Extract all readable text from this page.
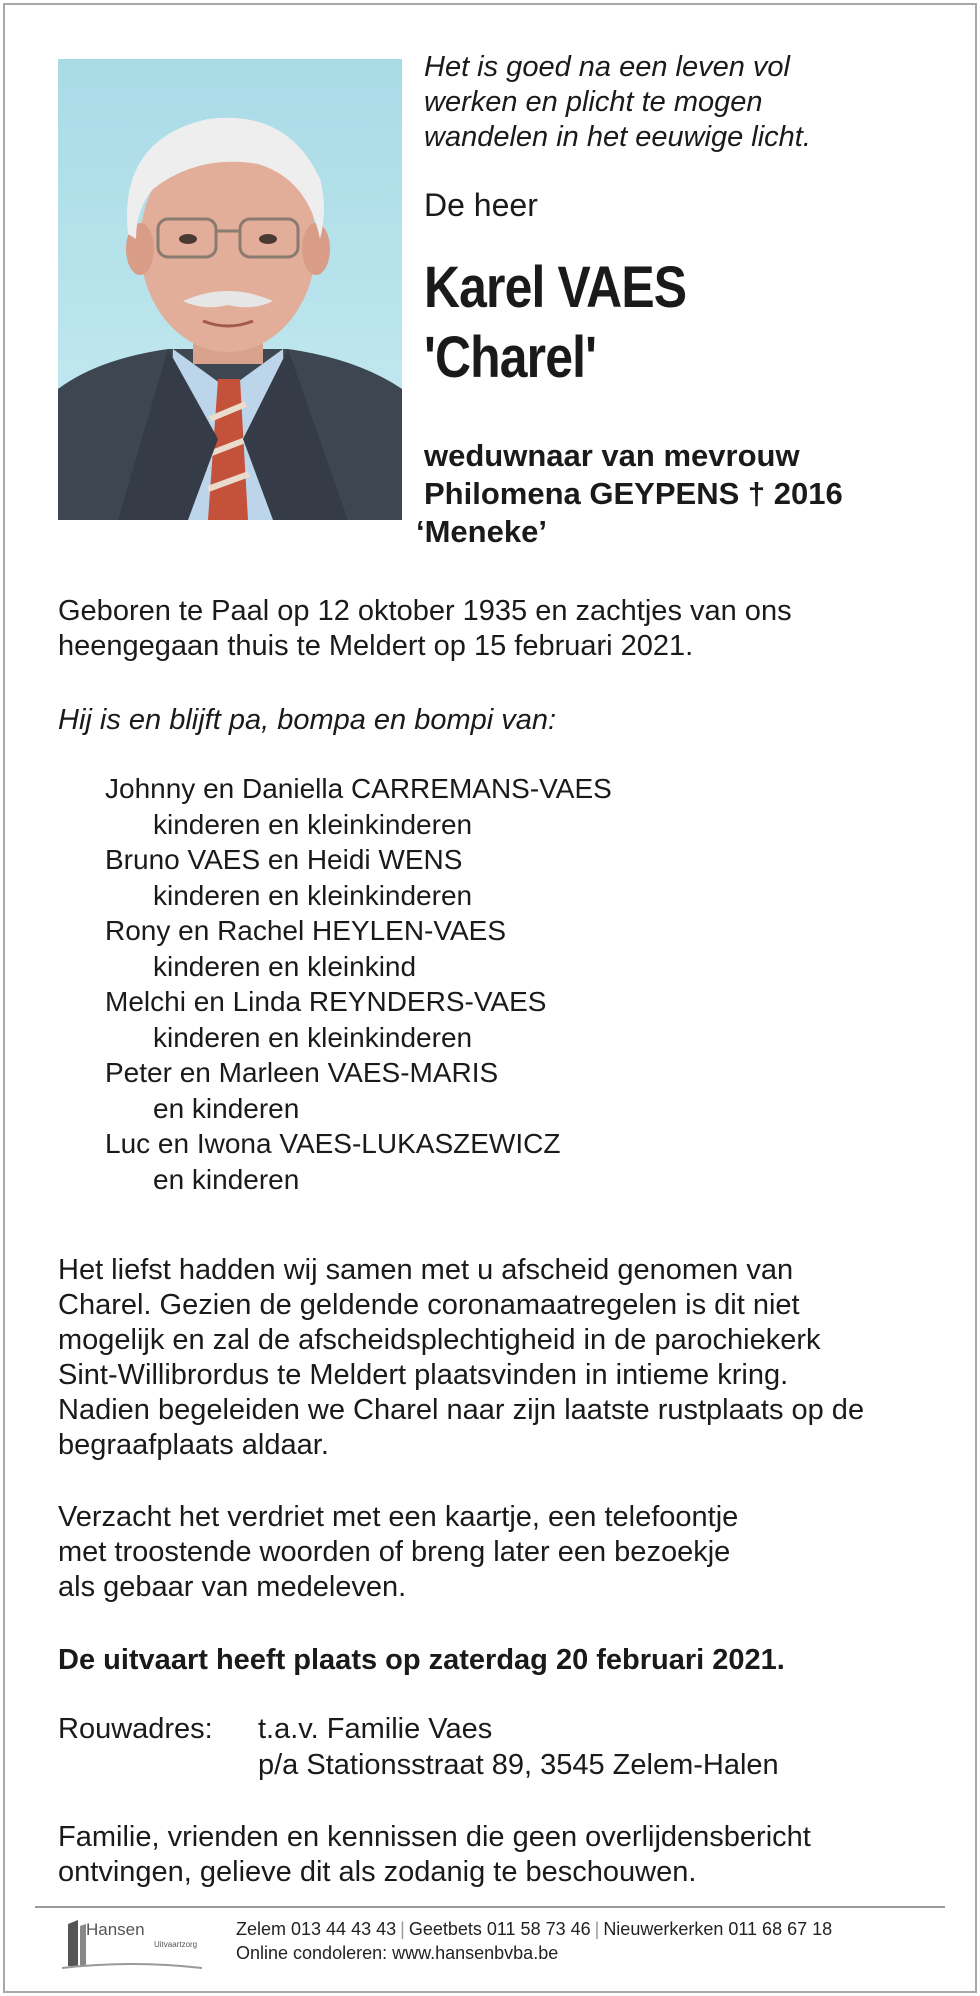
Het is goed na een leven vol
werken en plicht te mogen
wandelen in het eeuwige licht.
De heer
Karel VAES
'Charel'
weduwnaar van mevrouw
Philomena GEYPENS † 2016
‘Meneke’
Geboren te Paal op 12 oktober 1935 en zachtjes van ons
heengegaan thuis te Meldert op 15 februari 2021.
Hij is en blijft pa, bompa en bompi van:
Johnny en Daniella CARREMANS-VAES
kinderen en kleinkinderen
Bruno VAES en Heidi WENS
kinderen en kleinkinderen
Rony en Rachel HEYLEN-VAES
kinderen en kleinkind
Melchi en Linda REYNDERS-VAES
kinderen en kleinkinderen
Peter en Marleen VAES-MARIS
en kinderen
Luc en Iwona VAES-LUKASZEWICZ
en kinderen
Het liefst hadden wij samen met u afscheid genomen van
Charel. Gezien de geldende coronamaatregelen is dit niet
mogelijk en zal de afscheidsplechtigheid in de parochiekerk
Sint-Willibrordus te Meldert plaatsvinden in intieme kring.
Nadien begeleiden we Charel naar zijn laatste rustplaats op de
begraafplaats aldaar.
Verzacht het verdriet met een kaartje, een telefoontje
met troostende woorden of breng later een bezoekje
als gebaar van medeleven.
De uitvaart heeft plaats op zaterdag 20 februari 2021.
Rouwadres: t.a.v. Familie Vaes
p/a Stationsstraat 89, 3545 Zelem-Halen
Familie, vrienden en kennissen die geen overlijdensbericht
ontvingen, gelieve dit als zodanig te beschouwen.
Hansen
Uitvaartzorg
Zelem 013 44 43 43 | Geetbets 011 58 73 46 | Nieuwerkerken 011 68 67 18
Online condoleren: www.hansenbvba.be
